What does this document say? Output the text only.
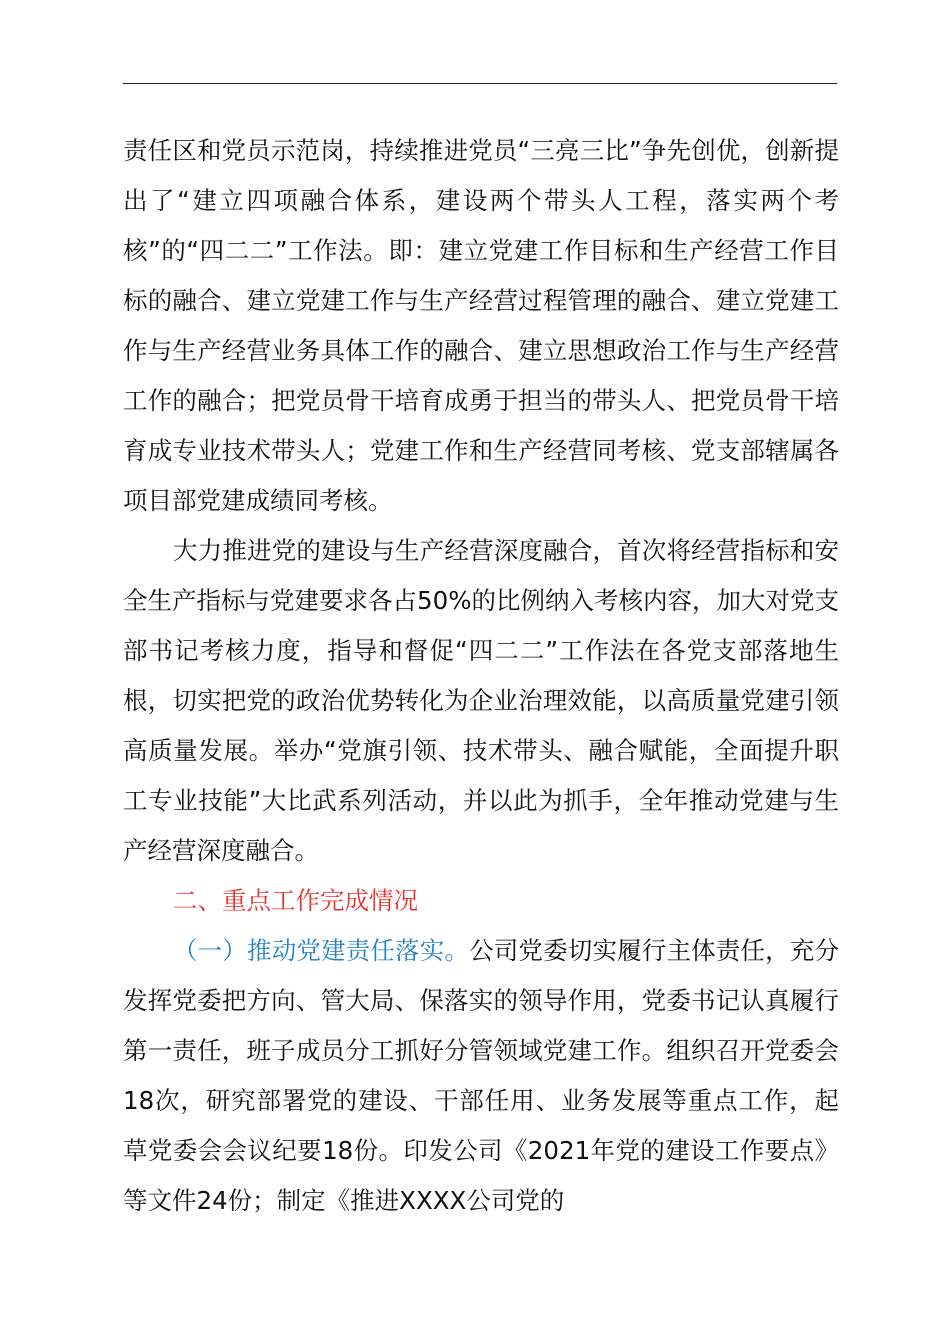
责任区和党员示范岗，持续推进党员“三亮三比”争先创优，创新提出了“建立四项融合体系，建设两个带头人工程，落实两个考核”的“四二二”工作法。即：建立党建工作目标和生产经营工作目标的融合、建立党建工作与生产经营过程管理的融合、建立党建工作与生产经营业务具体工作的融合、建立思想政治工作与生产经营工作的融合；把党员骨干培育成勇于担当的带头人、把党员骨干培育成专业技术带头人；党建工作和生产经营同考核、党支部辖属各项目部党建成绩同考核。

大力推进党的建设与生产经营深度融合，首次将经营指标和安全生产指标与党建要求各占50%的比例纳入考核内容，加大对党支部书记考核力度，指导和督促“四二二”工作法在各党支部落地生根，切实把党的政治优势转化为企业治理效能，以高质量党建引领高质量发展。举办“党旗引领、技术带头、融合赋能，全面提升职工专业技能”大比武系列活动，并以此为抓手，全年推动党建与生产经营深度融合。

二、重点工作完成情况

（一）推动党建责任落实。公司党委切实履行主体责任，充分发挥党委把方向、管大局、保落实的领导作用，党委书记认真履行第一责任，班子成员分工抓好分管领域党建工作。组织召开党委会18次，研究部署党的建设、干部任用、业务发展等重点工作，起草党委会会议纪要18份。印发公司《2021年党的建设工作要点》等文件24份；制定《推进XXXX公司党的
